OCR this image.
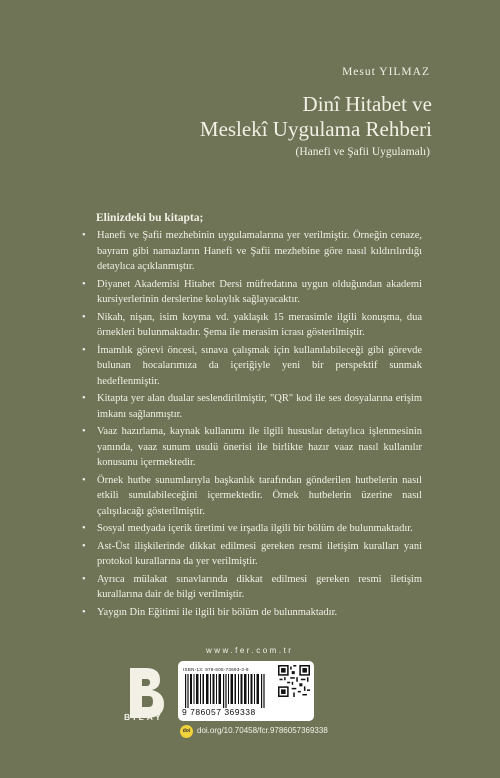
Mesut YILMAZ
Dinî Hitabet ve
Meslekî Uygulama Rehberi
(Hanefi ve Şafii Uygulamalı)
Elinizdeki bu kitapta;
• Hanefi ve Şafii mezhebinin uygulamalarına yer verilmiştir. Örneğin cenaze, bayram gibi namazların Hanefi ve Şafii mezhebine göre nasıl kıldırılırdığı detaylıca açıklanmıştır.
• Diyanet Akademisi Hitabet Dersi müfredatına uygun olduğundan akademi kursiyerlerinin derslerine kolaylık sağlayacaktır.
• Nikah, nişan, isim koyma vd. yaklaşık 15 merasimle ilgili konuşma, dua örnekleri bulunmaktadır. Şema ile merasim icrası gösterilmiştir.
• İmamlık görevi öncesi, sınava çalışmak için kullanılabileceği gibi görevde bulunan hocalarımıza da içeriğiyle yeni bir perspektif sunmak hedeflenmiştir.
• Kitapta yer alan dualar seslendirilmiştir, "QR" kod ile ses dosyalarına erişim imkanı sağlanmıştır.
• Vaaz hazırlama, kaynak kullanımı ile ilgili hususlar detaylıca işlenmesinin yanında, vaaz sunum usulü önerisi ile birlikte hazır vaaz nasıl kullanılır konusunu içermektedir.
• Örnek hutbe sunumlarıyla başkanlık tarafından gönderilen hutbelerin nasıl etkili sunulabileceğini içermektedir. Örnek hutbelerin üzerine nasıl çalışılacağı gösterilmiştir.
• Sosyal medyada içerik üretimi ve irşadla ilgili bir bölüm de bulunmaktadır.
• Ast-Üst ilişkilerinde dikkat edilmesi gereken resmi iletişim kuralları yani protokol kurallarına da yer verilmiştir.
• Ayrıca mülakat sınavlarında dikkat edilmesi gereken resmi iletişim kurallarına dair de bilgi verilmiştir.
• Yaygın Din Eğitimi ile ilgili bir bölüm de bulunmaktadır.
www.fer.com.tr
BİLAY
ISBN-13: 978-605-73693-3-8
9 786057 369338
doi doi.org/10.70458/fcr.9786057369338
